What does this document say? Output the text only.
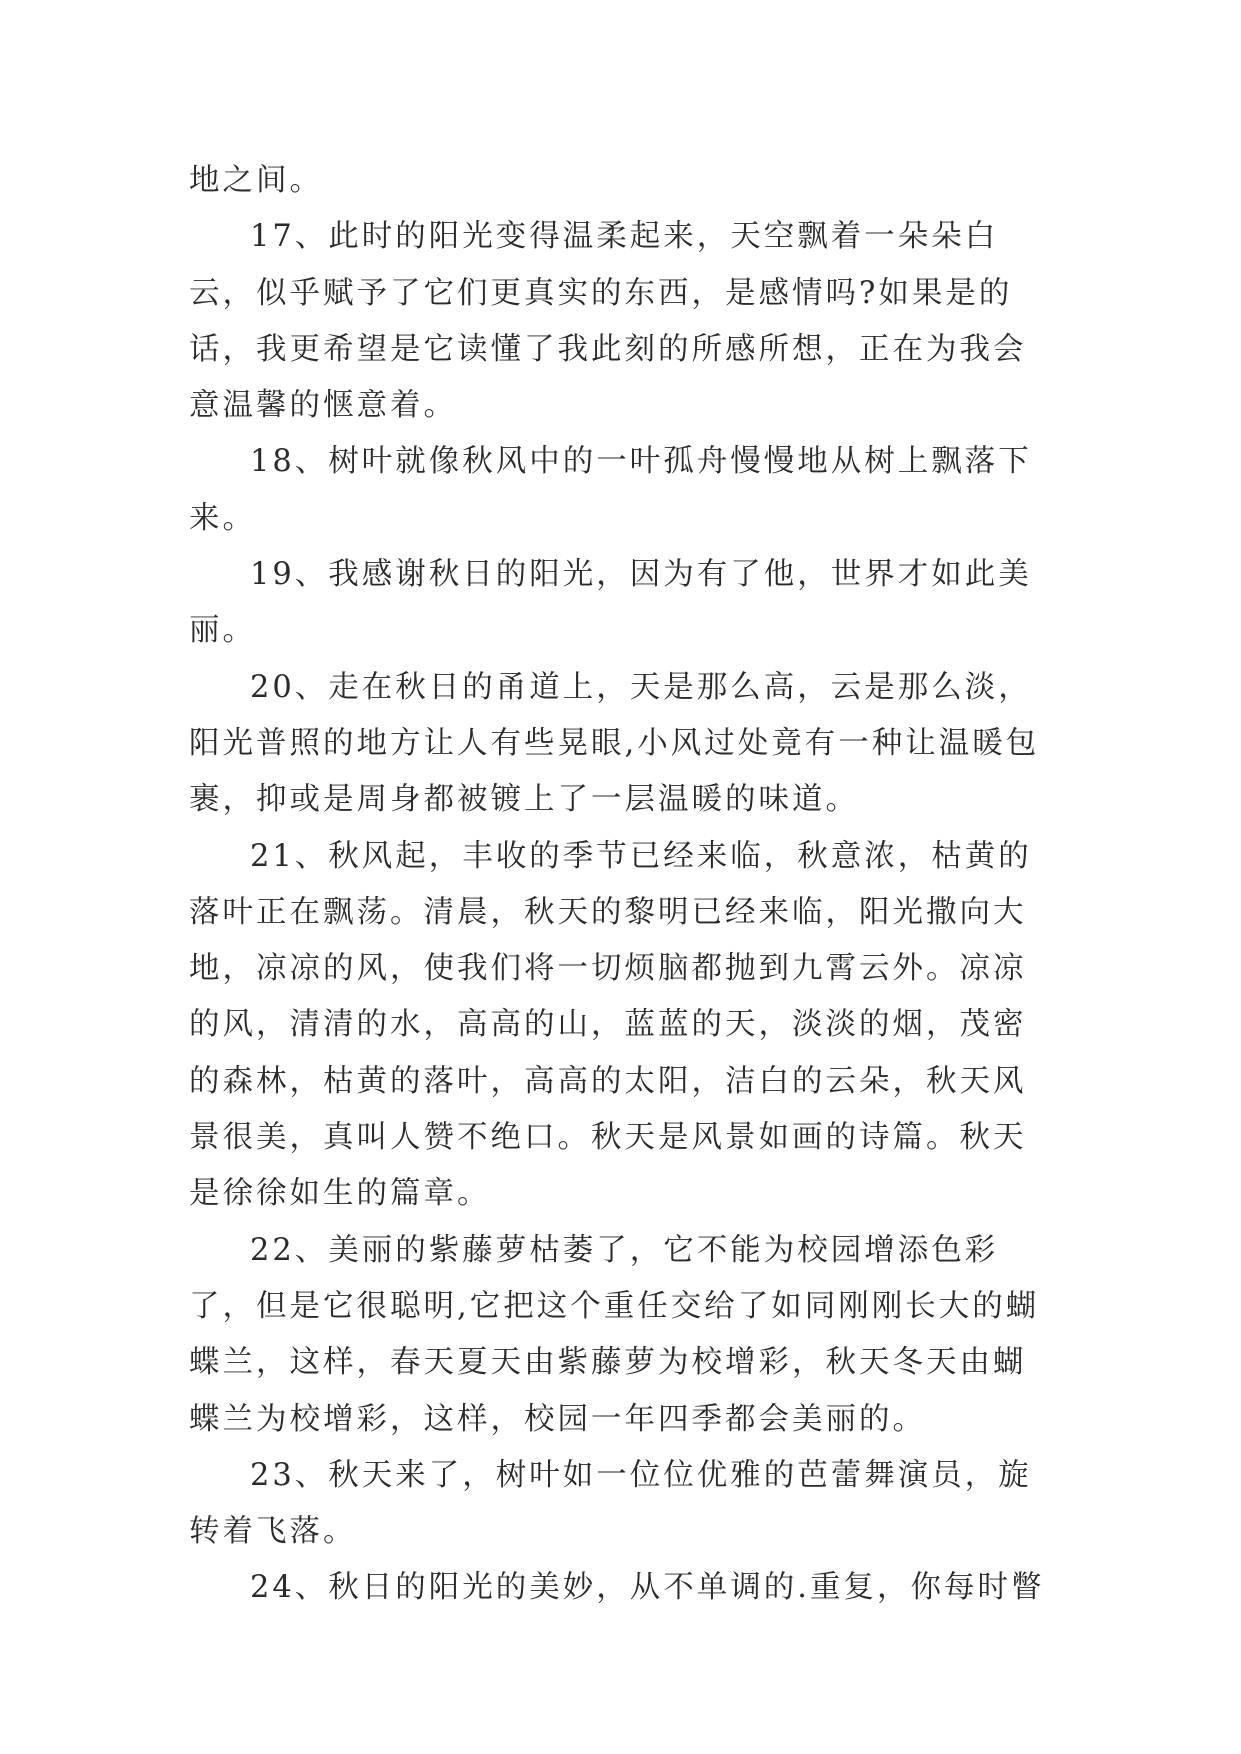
地之间。

17、此时的阳光变得温柔起来，天空飘着一朵朵白云，似乎赋予了它们更真实的东西，是感情吗?如果是的话，我更希望是它读懂了我此刻的所感所想，正在为我会意温馨的惬意着。

18、树叶就像秋风中的一叶孤舟慢慢地从树上飘落下来。

19、我感谢秋日的阳光，因为有了他，世界才如此美丽。

20、走在秋日的甬道上，天是那么高，云是那么淡，阳光普照的地方让人有些晃眼,小风过处竟有一种让温暖包裹，抑或是周身都被镀上了一层温暖的味道。

21、秋风起，丰收的季节已经来临，秋意浓，枯黄的落叶正在飘荡。清晨，秋天的黎明已经来临，阳光撒向大地，凉凉的风，使我们将一切烦脑都抛到九霄云外。凉凉的风，清清的水，高高的山，蓝蓝的天，淡淡的烟，茂密的森林，枯黄的落叶，高高的太阳，洁白的云朵，秋天风景很美，真叫人赞不绝口。秋天是风景如画的诗篇。秋天是徐徐如生的篇章。

22、美丽的紫藤萝枯萎了，它不能为校园增添色彩了，但是它很聪明,它把这个重任交给了如同刚刚长大的蝴蝶兰，这样，春天夏天由紫藤萝为校增彩，秋天冬天由蝴蝶兰为校增彩，这样，校园一年四季都会美丽的。

23、秋天来了，树叶如一位位优雅的芭蕾舞演员，旋转着飞落。

24、秋日的阳光的美妙，从不单调的.重复，你每时瞥
